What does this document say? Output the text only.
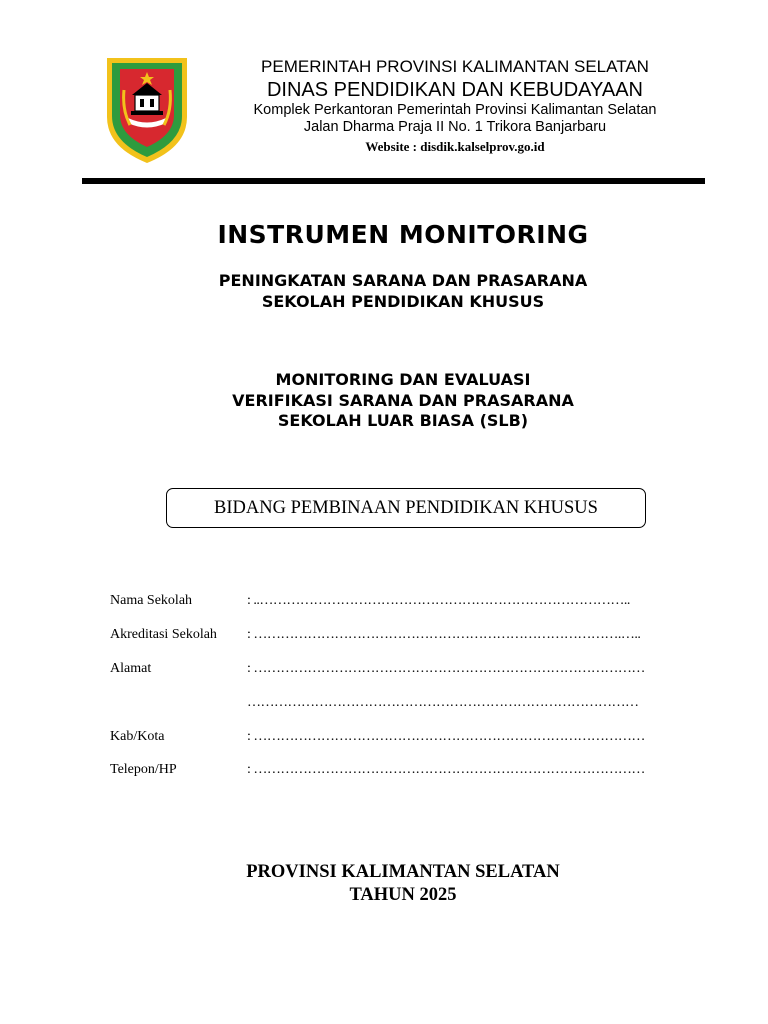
PEMERINTAH PROVINSI KALIMANTAN SELATAN
DINAS PENDIDIKAN DAN KEBUDAYAAN
Komplek Perkantoran Pemerintah Provinsi Kalimantan Selatan
Jalan Dharma Praja II No. 1 Trikora Banjarbaru
Website : disdik.kalselprov.go.id
INSTRUMEN MONITORING
PENINGKATAN SARANA DAN PRASARANA
SEKOLAH PENDIDIKAN KHUSUS
MONITORING DAN EVALUASI
VERIFIKASI SARANA DAN PRASARANA
SEKOLAH LUAR BIASA (SLB)
BIDANG PEMBINAAN PENDIDIKAN KHUSUS
Nama Sekolah	: ..………………………………………………………………………..
Akreditasi Sekolah : ……………………………………………………………………….…..
Alamat	: ……………………………………………………………………………
……………………………………………………………………………
Kab/Kota	: ……………………………………………………………………………
Telepon/HP	: ……………………………………………………………………………
PROVINSI KALIMANTAN SELATAN
TAHUN 2025
